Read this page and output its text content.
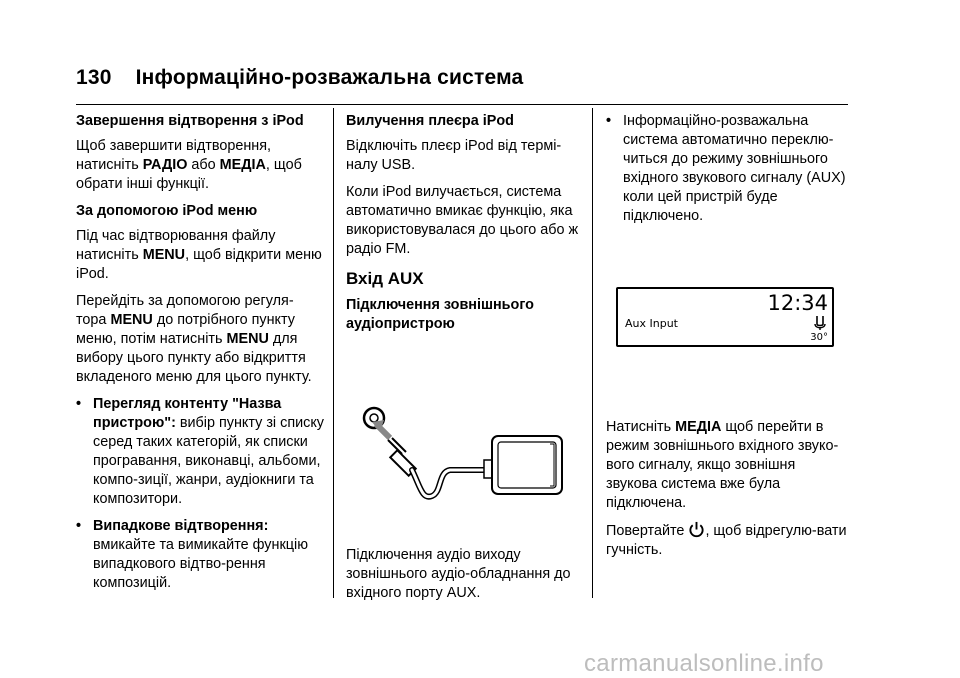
130 Інформаційно-розважальна система
Завершення відтворення з iPod

Щоб завершити відтворення, натисніть РАДІО або МЕДІА, щоб обрати інші функції.

За допомогою iPod меню

Під час відтворювання файлу натисніть MENU, щоб відкрити меню iPod.

Перейдіть за допомогою регуля-тора MENU до потрібного пункту меню, потім натисніть MENU для вибору цього пункту або відкриття вкладеного меню для цього пункту.

• Перегляд контенту "Назва пристрою": вибір пункту зі списку серед таких категорій, як списки програвання, виконавці, альбоми, компо-зиції, жанри, аудіокниги та композитори.
• Випадкове відтворення: вмикайте та вимикайте функцію випадкового відтво-рення композицій.
Вилучення плеєра iPod

Відключіть плеєр iPod від термі-налу USB.

Коли iPod вилучається, система автоматично вмикає функцію, яка використовувалася до цього або ж радіо FM.

Вхід AUX
Підключення зовнішнього аудіопристрою

Підключення аудіо виходу зовнішнього аудіо-обладнання до вхідного порту AUX.

• Інформаційно-розважальна система автоматично переклю-читься до режиму зовнішнього вхідного звукового сигналу (AUX) коли цей пристрій буде підключено.
Aux Input
12:34
30°

Натисніть МЕДІА щоб перейти в режим зовнішнього вхідного звуко-вого сигналу, якщо зовнішня звукова система вже була підключена.

Повертайте , щоб відрегулю-вати гучність.

carmanualsonline.info
